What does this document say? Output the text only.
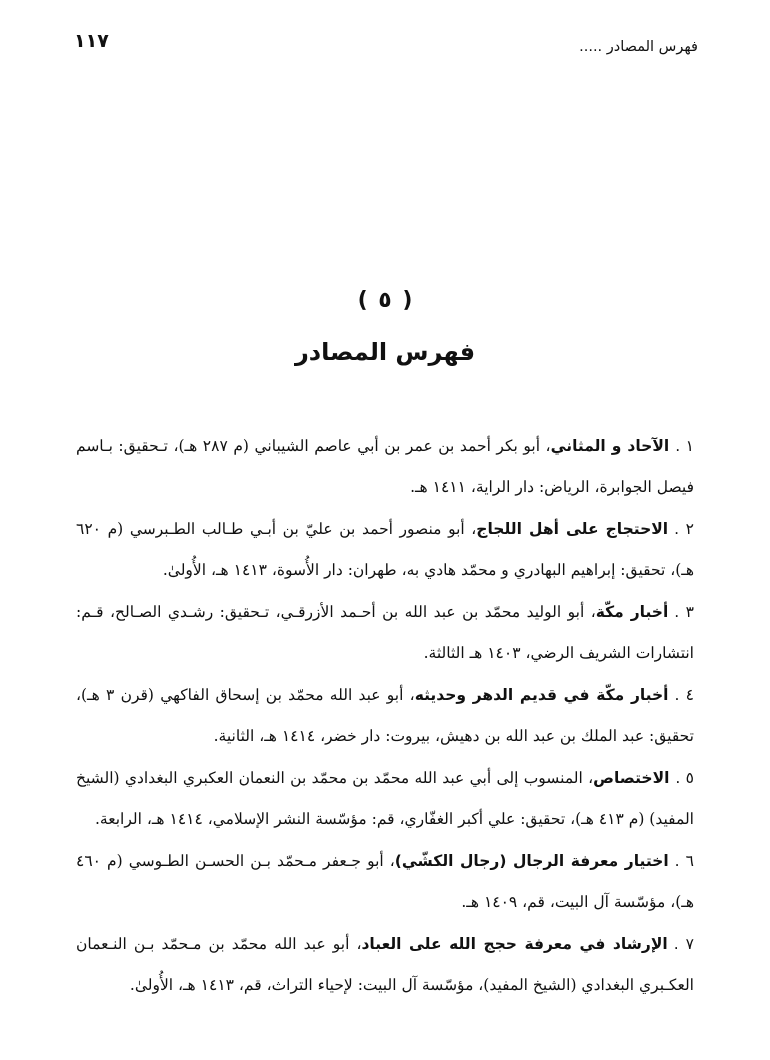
١١٧	فهرس المصادر .....
( ٥ )
فهرس المصادر
١ .الآحاد و المثاني، أبو بكر أحمد بن عمر بن أبي عاصم الشيباني (م ٢٨٧ هـ)، تـحقيق: بـاسم فيصل الجوابرة، الرياض: دار الراية، ١٤١١ هـ.
٢ .الاحتجاج على أهل اللجاج، أبو منصور أحمد بن عليّ بن أبـي طـالب الطـبرسي (م ٦٢٠ هـ)، تحقيق: إبراهيم البهادري و محمّد هادي به، طهران: دار الأُسوة، ١٤١٣ هـ، الأُولىٰ.
٣ .أخبار مكّة، أبو الوليد محمّد بن عبد الله بن أحـمد الأزرقـي، تـحقيق: رشـدي الصـالح، قـم: انتشارات الشريف الرضي، ١٤٠٣ هـ الثالثة.
٤ .أخبار مكّة في قديم الدهر وحديثه، أبو عبد الله محمّد بن إسحاق الفاكهي (قرن ٣ هـ)، تحقيق: عبد الملك بن عبد الله بن دهيش، بيروت: دار خضر، ١٤١٤ هـ، الثانية.
٥ .الاختصاص، المنسوب إلى أبي عبد الله محمّد بن محمّد بن النعمان العكبري البغدادي (الشيخ المفيد) (م ٤١٣ هـ)، تحقيق: علي أكبر الغفّاري، قم: مؤسّسة النشر الإسلامي، ١٤١٤ هـ، الرابعة.
٦ .اختيار معرفة الرجال (رجال الكشّي)، أبو جـعفر مـحمّد بـن الحسـن الطـوسي (م ٤٦٠ هـ)، مؤسّسة آل البيت، قم، ١٤٠٩ هـ.
٧ .الإرشاد في معرفة حجج الله على العباد، أبو عبد الله محمّد بن مـحمّد بـن النـعمان العكـبري البغدادي (الشيخ المفيد)، مؤسّسة آل البيت: لإحياء التراث، قم، ١٤١٣ هـ، الأُولىٰ.
